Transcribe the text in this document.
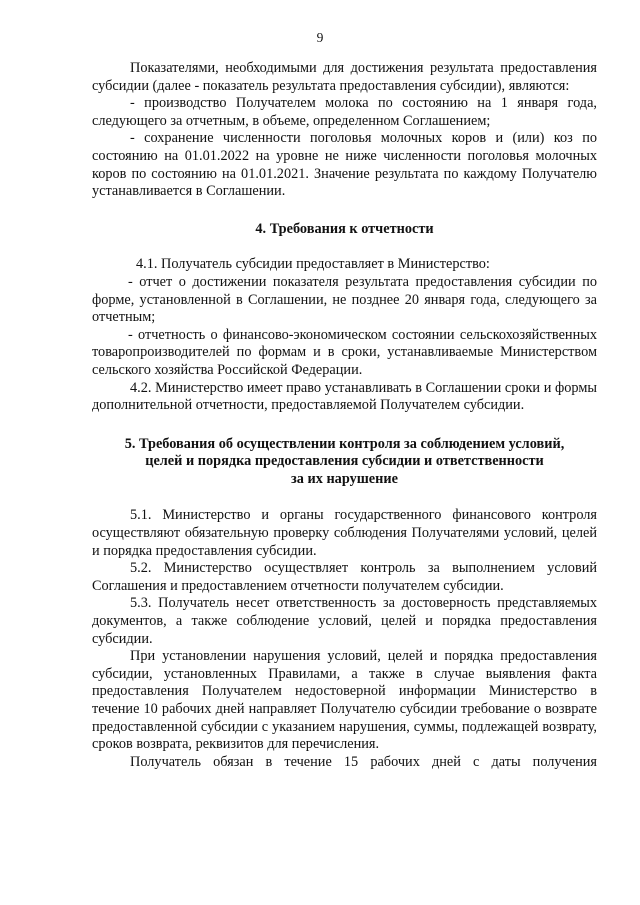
9

Показателями, необходимыми для достижения результата предоставления субсидии (далее - показатель результата предоставления субсидии), являются:

- производство Получателем молока по состоянию на 1 января года, следующего за отчетным, в объеме, определенном Соглашением;

- сохранение численности поголовья молочных коров и (или) коз по состоянию на 01.01.2022 на уровне не ниже численности поголовья молочных коров по состоянию на 01.01.2021. Значение результата по каждому Получателю устанавливается в Соглашении.

4. Требования к отчетности

4.1. Получатель субсидии предоставляет в Министерство:

- отчет о достижении показателя результата предоставления субсидии по форме, установленной в Соглашении, не позднее 20 января года, следующего за отчетным;

- отчетность о финансово-экономическом состоянии сельскохозяйственных товаропроизводителей по формам и в сроки, устанавливаемые Министерством сельского хозяйства Российской Федерации.

4.2. Министерство имеет право устанавливать в Соглашении сроки и формы дополнительной отчетности, предоставляемой Получателем субсидии.

5. Требования об осуществлении контроля за соблюдением условий,

целей и порядка предоставления субсидии и ответственности

за их нарушение

5.1. Министерство и органы государственного финансового контроля осуществляют обязательную проверку соблюдения Получателями условий, целей и порядка предоставления субсидии.

5.2. Министерство осуществляет контроль за выполнением условий Соглашения и предоставлением отчетности получателем субсидии.

5.3. Получатель несет ответственность за достоверность представляемых документов, а также соблюдение условий, целей и порядка предоставления субсидии.

При установлении нарушения условий, целей и порядка предоставления субсидии, установленных Правилами, а также в случае выявления факта предоставления Получателем недостоверной информации Министерство в течение 10 рабочих дней направляет Получателю субсидии требование о возврате предоставленной субсидии с указанием нарушения, суммы, подлежащей возврату, сроков возврата, реквизитов для перечисления.

Получатель обязан в течение 15 рабочих дней с даты получения
